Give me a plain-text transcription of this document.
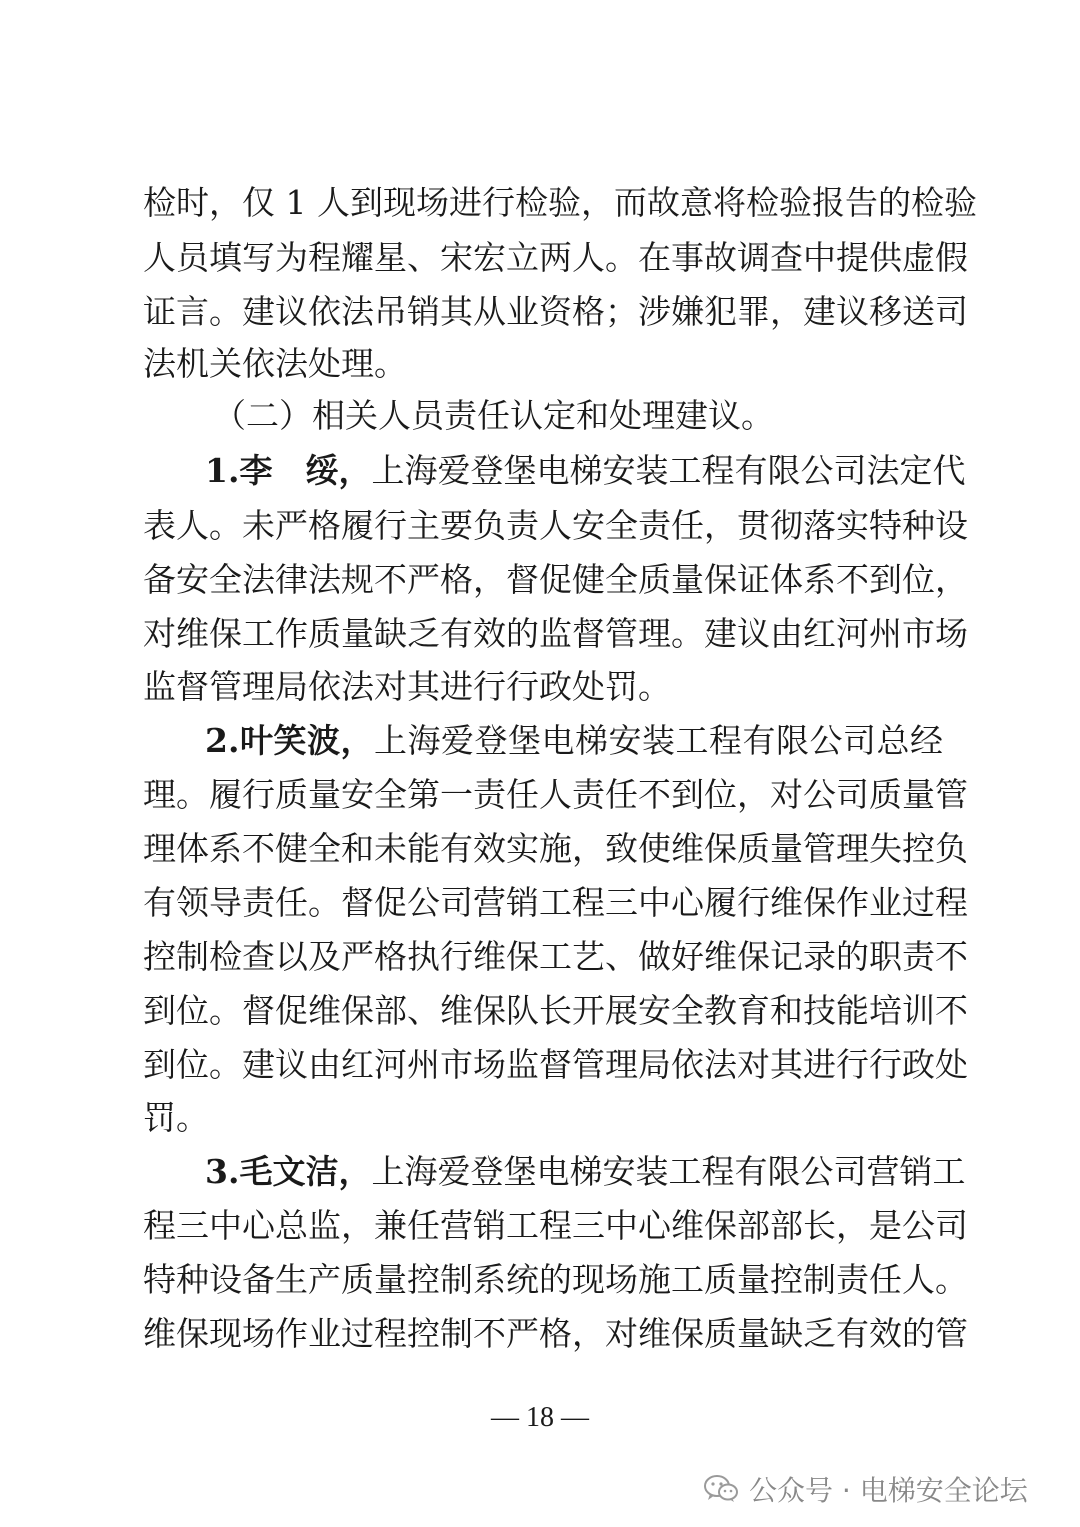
检时，仅 1 人到现场进行检验，而故意将检验报告的检验
人员填写为程耀星、宋宏立两人。在事故调查中提供虚假
证言。建议依法吊销其从业资格；涉嫌犯罪，建议移送司
法机关依法处理。
（二）相关人员责任认定和处理建议。
1.李　绥，上海爱登堡电梯安装工程有限公司法定代
表人。未严格履行主要负责人安全责任，贯彻落实特种设
备安全法律法规不严格，督促健全质量保证体系不到位，
对维保工作质量缺乏有效的监督管理。建议由红河州市场
监督管理局依法对其进行行政处罚。
2.叶笑波，上海爱登堡电梯安装工程有限公司总经
理。履行质量安全第一责任人责任不到位，对公司质量管
理体系不健全和未能有效实施，致使维保质量管理失控负
有领导责任。督促公司营销工程三中心履行维保作业过程
控制检查以及严格执行维保工艺、做好维保记录的职责不
到位。督促维保部、维保队长开展安全教育和技能培训不
到位。建议由红河州市场监督管理局依法对其进行行政处
罚。
3.毛文洁，上海爱登堡电梯安装工程有限公司营销工
程三中心总监，兼任营销工程三中心维保部部长，是公司
特种设备生产质量控制系统的现场施工质量控制责任人。
维保现场作业过程控制不严格，对维保质量缺乏有效的管
— 18 —
公众号 · 电梯安全论坛
